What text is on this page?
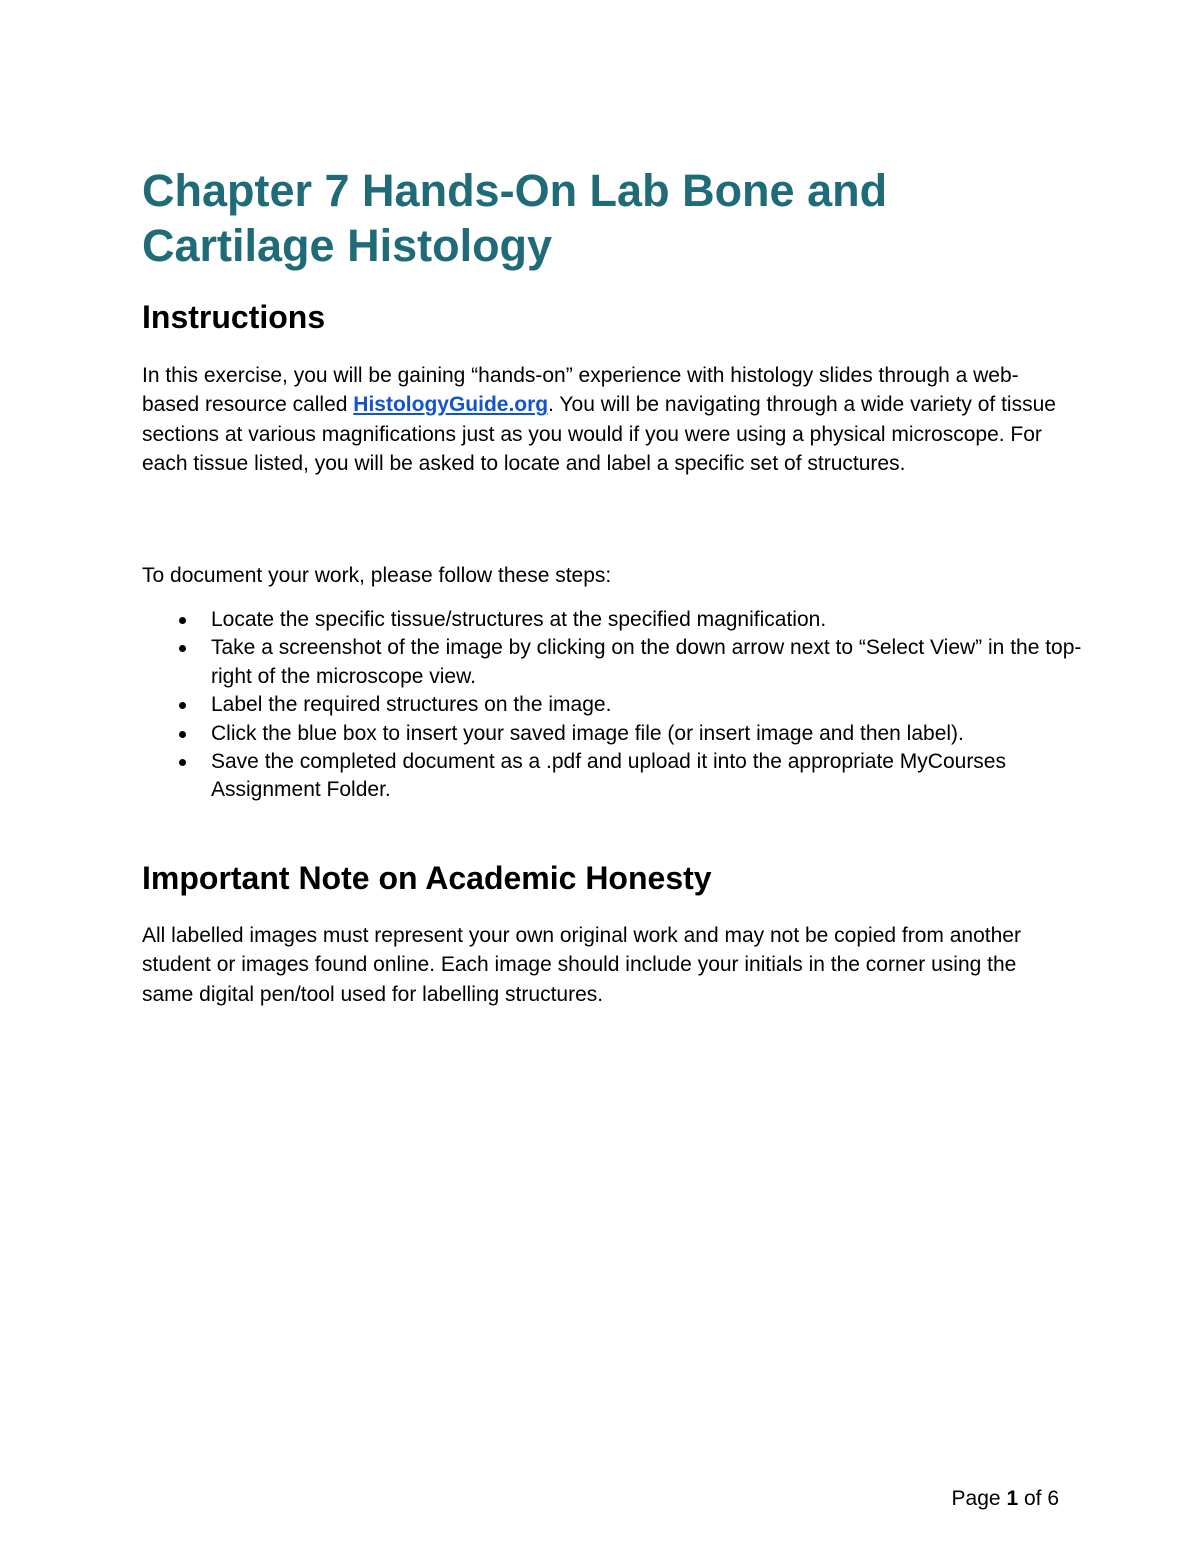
Chapter 7 Hands-On Lab Bone and Cartilage Histology
Instructions

In this exercise, you will be gaining “hands-on” experience with histology slides through a web-based resource called HistologyGuide.org. You will be navigating through a wide variety of tissue sections at various magnifications just as you would if you were using a physical microscope. For each tissue listed, you will be asked to locate and label a specific set of structures.

To document your work, please follow these steps:

Locate the specific tissue/structures at the specified magnification.
Take a screenshot of the image by clicking on the down arrow next to “Select View” in the top-right of the microscope view.
Label the required structures on the image.
Click the blue box to insert your saved image file (or insert image and then label).
Save the completed document as a .pdf and upload it into the appropriate MyCourses Assignment Folder.
Important Note on Academic Honesty

All labelled images must represent your own original work and may not be copied from another student or images found online. Each image should include your initials in the corner using the same digital pen/tool used for labelling structures.

Page 1 of 6
